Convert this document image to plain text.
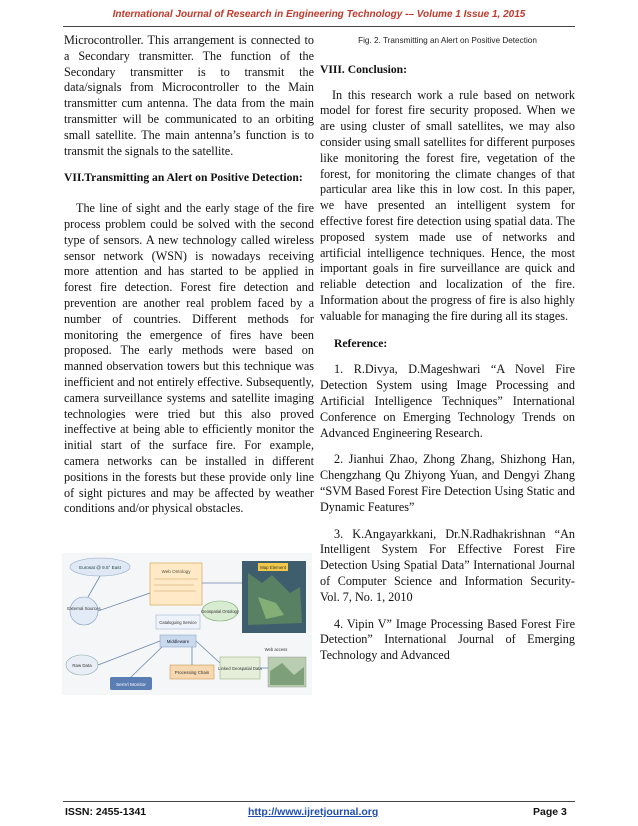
International Journal of Research in Engineering Technology -– Volume 1 Issue 1, 2015

Microcontroller. This arrangement is connected to a Secondary transmitter. The function of the Secondary transmitter is to transmit the data/signals from Microcontroller to the Main transmitter cum antenna. The data from the main transmitter will be communicated to an orbiting small satellite. The main antenna’s function is to transmit the signals to the satellite.

VII.Transmitting an Alert on Positive Detection:

The line of sight and the early stage of the fire process problem could be solved with the second type of sensors. A new technology called wireless sensor network (WSN) is nowadays receiving more attention and has started to be applied in forest fire detection. Forest fire detection and prevention are another real problem faced by a number of countries. Different methods for monitoring the emergence of fires have been proposed. The early methods were based on manned observation towers but this technique was inefficient and not entirely effective. Subsequently, camera surveillance systems and satellite imaging technologies were tried but this also proved ineffective at being able to efficiently monitor the initial start of the surface fire. For example, camera networks can be installed in different positions in the forests but these provide only line of sight pictures and may be affected by weather conditions and/or physical obstacles.

Eurosat @ 9.5° East
External Sources
Raw Data
SenVi Monitor
Web Ontology
Geospatial Ontology
Cataloguing Service
Middleware
Processing Chain
Linked Geospatial Data
Web access
Map Element

Fig. 2. Transmitting an Alert on Positive Detection

VIII. Conclusion:

In this research work a rule based on network model for forest fire security proposed. When we are using cluster of small satellites, we may also consider using small satellites for different purposes like monitoring the forest fire, vegetation of the forest, for monitoring the climate changes of that particular area like this in low cost. In this paper, we have presented an intelligent system for effective forest fire detection using spatial data. The proposed system made use of networks and artificial intelligence techniques. Hence, the most important goals in fire surveillance are quick and reliable detection and localization of the fire. Information about the progress of fire is also highly valuable for managing the fire during all its stages.

Reference:

1. R.Divya, D.Mageshwari “A Novel Fire Detection System using Image Processing and Artificial Intelligence Techniques” International Conference on Emerging Technology Trends on Advanced Engineering Research.

2. Jianhui Zhao, Zhong Zhang, Shizhong Han, Chengzhang Qu Zhiyong Yuan, and Dengyi Zhang “SVM Based Forest Fire Detection Using Static and Dynamic Features”

3. K.Angayarkkani, Dr.N.Radhakrishnan “An Intelligent System For Effective Forest Fire Detection Using Spatial Data” International Journal of Computer Science and Information Security- Vol. 7, No. 1, 2010

4. Vipin V” Image Processing Based Forest Fire Detection” International Journal of Emerging Technology and Advanced

ISSN: 2455-1341	http://www.ijretjournal.org	Page 3
